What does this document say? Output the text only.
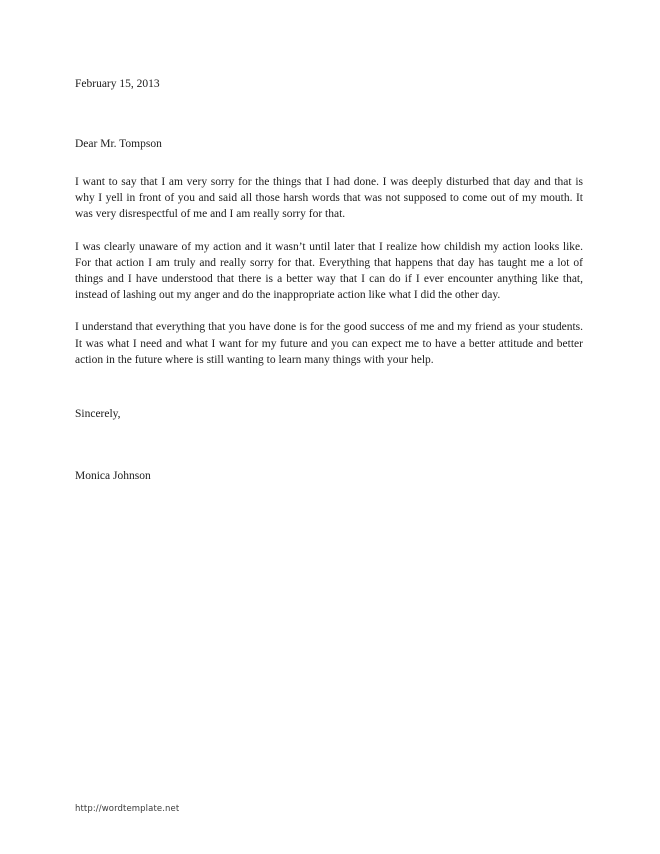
February 15, 2013

Dear Mr. Tompson

I want to say that I am very sorry for the things that I had done. I was deeply disturbed that day and that is why I yell in front of you and said all those harsh words that was not supposed to come out of my mouth. It was very disrespectful of me and I am really sorry for that.

I was clearly unaware of my action and it wasn’t until later that I realize how childish my action looks like. For that action I am truly and really sorry for that. Everything that happens that day has taught me a lot of things and I have understood that there is a better way that I can do if I ever encounter anything like that, instead of lashing out my anger and do the inappropriate action like what I did the other day.

I understand that everything that you have done is for the good success of me and my friend as your students. It was what I need and what I want for my future and you can expect me to have a better attitude and better action in the future where is still wanting to learn many things with your help.

Sincerely,

Monica Johnson

http://wordtemplate.net
